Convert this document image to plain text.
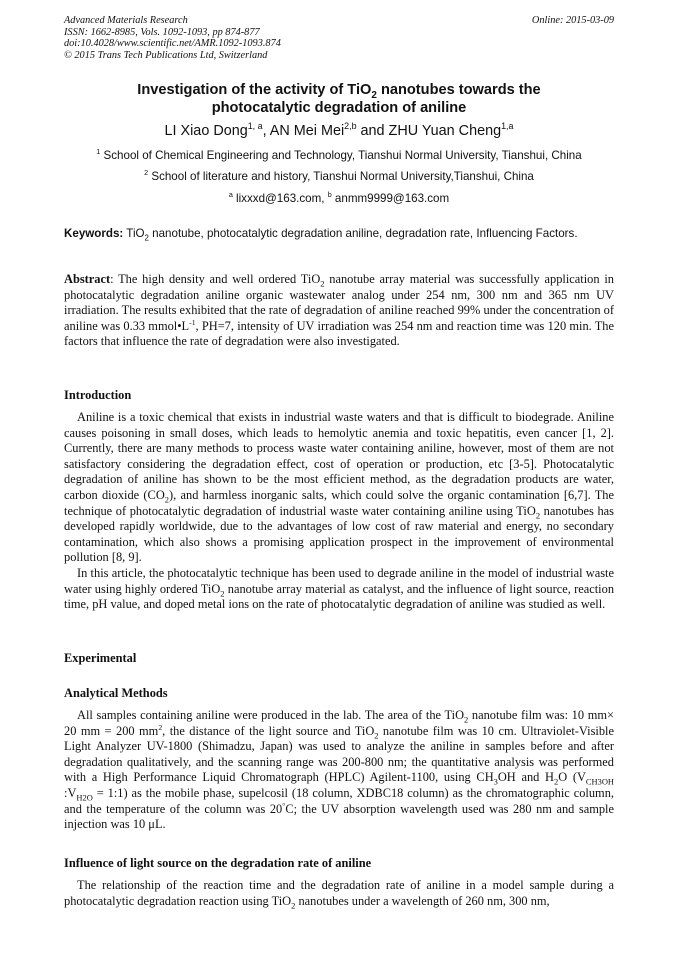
Advanced Materials Research
ISSN: 1662-8985, Vols. 1092-1093, pp 874-877
doi:10.4028/www.scientific.net/AMR.1092-1093.874
© 2015 Trans Tech Publications Ltd, Switzerland
Online: 2015-03-09
Investigation of the activity of TiO$_2$ nanotubes towards the
photocatalytic degradation of aniline
LI Xiao Dong$^{1, a}$, AN Mei Mei$^{2,b}$ and ZHU Yuan Cheng$^{1,a}$
$^1$ School of Chemical Engineering and Technology, Tianshui Normal University, Tianshui, China
$^2$ School of literature and history, Tianshui Normal University,Tianshui, China
$^a$ lixxxd@163.com, $^b$ anmm9999@163.com
Keywords: TiO$_2$ nanotube, photocatalytic degradation aniline, degradation rate, Influencing Factors.

Abstract: The high density and well ordered TiO$_2$ nanotube array material was successfully application in photocatalytic degradation aniline organic wastewater analog under 254 nm, 300 nm and 365 nm UV irradiation. The results exhibited that the rate of degradation of aniline reached 99% under the concentration of aniline was 0.33 $mmol•L^{-1}$, PH=7, intensity of UV irradiation was 254 nm and reaction time was 120 min. The factors that influence the rate of degradation were also investigated.

Introduction

Aniline is a toxic chemical that exists in industrial waste waters and that is difficult to biodegrade. Aniline causes poisoning in small doses, which leads to hemolytic anemia and toxic hepatitis, even cancer [1, 2]. Currently, there are many methods to process waste water containing aniline, however, most of them are not satisfactory considering the degradation effect, cost of operation or production, etc [3-5]. Photocatalytic degradation of aniline has shown to be the most efficient method, as the degradation products are water, carbon dioxide $(CO_2)$, and harmless inorganic salts, which could solve the organic contamination [6,7]. The technique of photocatalytic degradation of industrial waste water containing aniline using TiO$_2$ nanotubes has developed rapidly worldwide, due to the advantages of low cost of raw material and energy, no secondary contamination, which also shows a promising application prospect in the improvement of environmental pollution [8, 9].

In this article, the photocatalytic technique has been used to degrade aniline in the model of industrial waste water using highly ordered TiO$_2$ nanotube array material as catalyst, and the influence of light source, reaction time, pH value, and doped metal ions on the rate of photocatalytic degradation of aniline was studied as well.

Experimental
Analytical Methods

All samples containing aniline were produced in the lab. The area of the TiO$_2$ nanotube film was: 10 mm× 20 mm = 200 $mm^2$, the distance of the light source and TiO$_2$ nanotube film was 10 cm. Ultraviolet-Visible Light Analyzer UV-1800 (Shimadzu, Japan) was used to analyze the aniline in samples before and after degradation qualitatively, and the scanning range was 200-800 nm; the quantitative analysis was performed with a High Performance Liquid Chromatograph (HPLC) Agilent-1100, using $CH_3OH$ and $H_2O$ ($V_{CH3OH}$ $:V_{H2O}$ = 1:1) as the mobile phase, supelcosil (18 column, XDBC18 column) as the chromatographic column, and the temperature of the column was 20°C; the UV absorption wavelength used was 280 nm and sample injection was 10 μL.

Influence of light source on the degradation rate of aniline

The relationship of the reaction time and the degradation rate of aniline in a model sample during a photocatalytic degradation reaction using TiO$_2$ nanotubes under a wavelength of 260 nm, 300 nm,
